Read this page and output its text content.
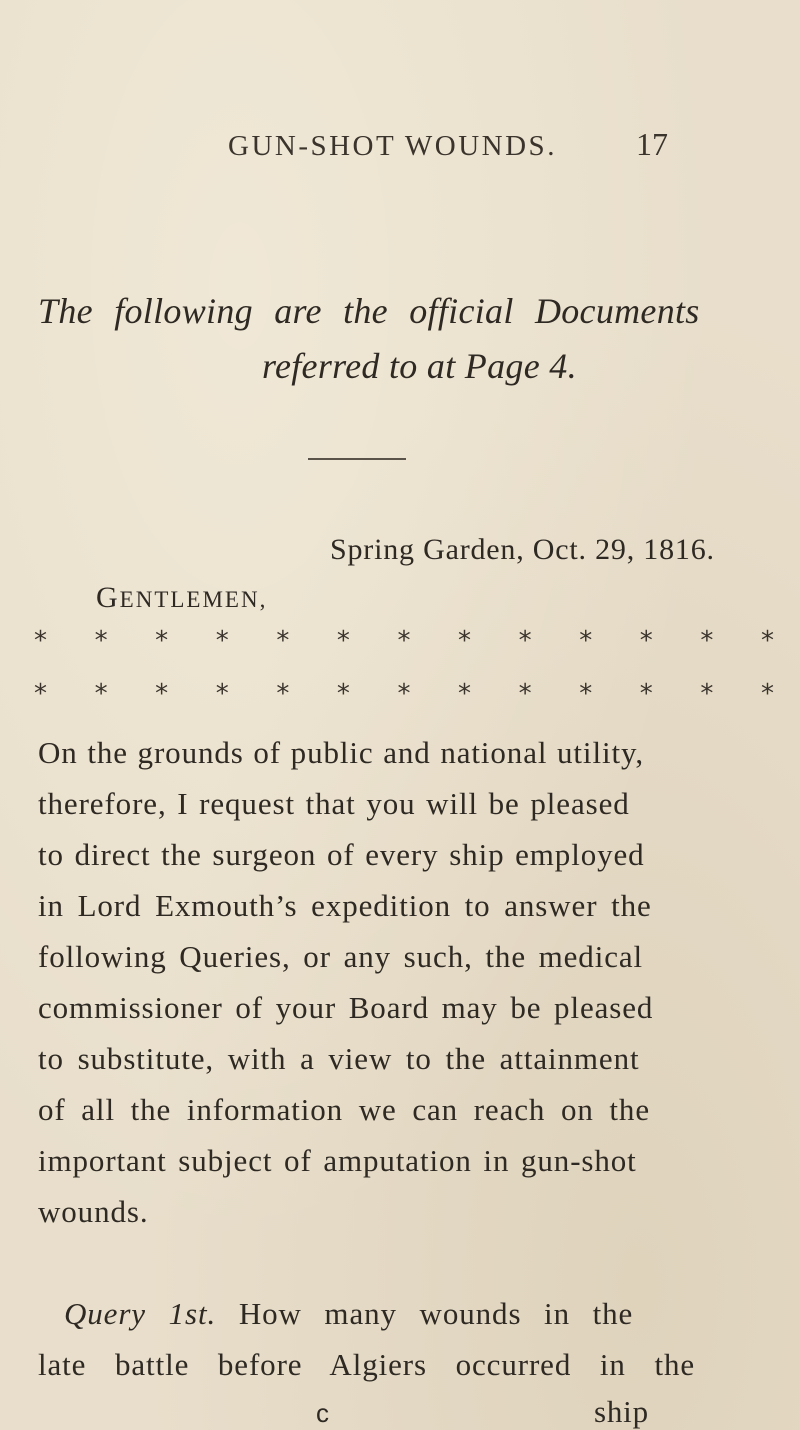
GUN-SHOT WOUNDS. 17

The following are the official Documents

referred to at Page 4.

Spring Garden, Oct. 29, 1816.

GENTLEMEN,

* * * * * * * * * * * * *
* * * * * * * * * * * * *

On the grounds of public and national utility,

therefore, I request that you will be pleased

to direct the surgeon of every ship employed

in Lord Exmouth’s expedition to answer the

following Queries, or any such, the medical

commissioner of your Board may be pleased

to substitute, with a view to the attainment

of all the information we can reach on the

important subject of amputation in gun-shot

wounds.

Query 1st. How many wounds in the

late battle before Algiers occurred in the

c	ship
